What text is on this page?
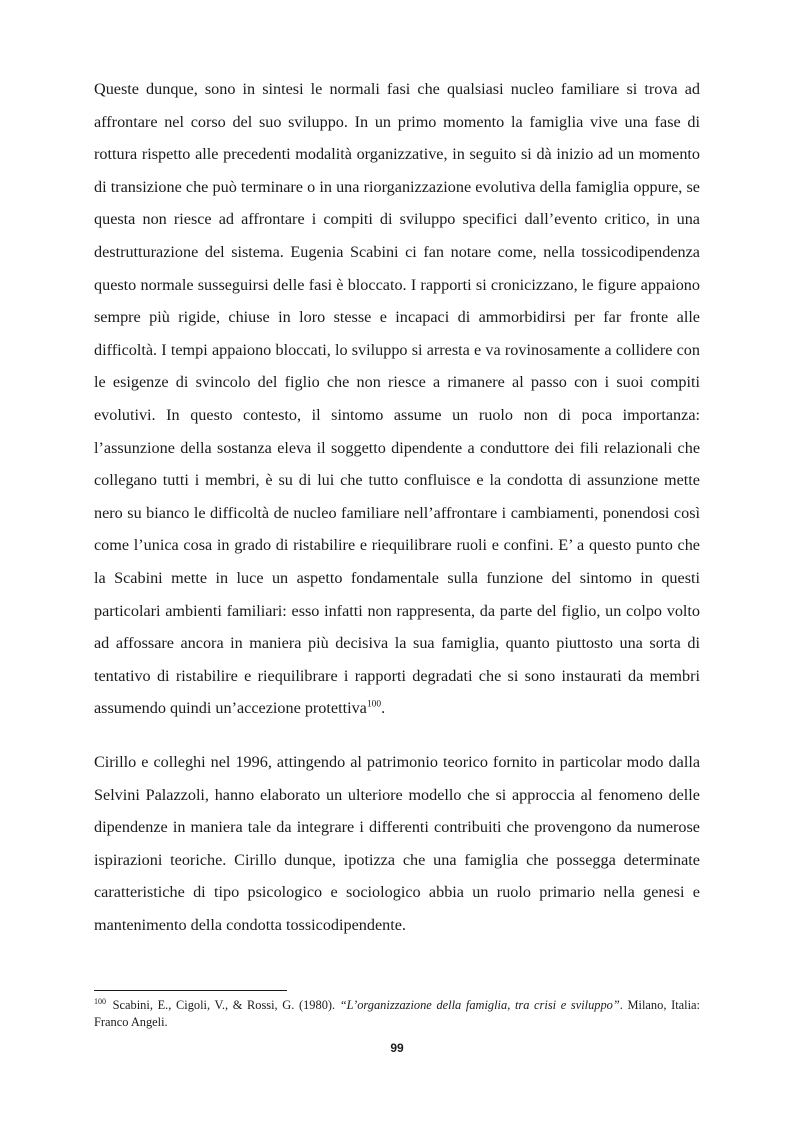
Queste dunque, sono in sintesi le normali fasi che qualsiasi nucleo familiare si trova ad affrontare nel corso del suo sviluppo. In un primo momento la famiglia vive una fase di rottura rispetto alle precedenti modalità organizzative, in seguito si dà inizio ad un momento di transizione che può terminare o in una riorganizzazione evolutiva della famiglia oppure, se questa non riesce ad affrontare i compiti di sviluppo specifici dall’evento critico, in una destrutturazione del sistema. Eugenia Scabini ci fan notare come, nella tossicodipendenza questo normale susseguirsi delle fasi è bloccato. I rapporti si cronicizzano, le figure appaiono sempre più rigide, chiuse in loro stesse e incapaci di ammorbidirsi per far fronte alle difficoltà. I tempi appaiono bloccati, lo sviluppo si arresta e va rovinosamente a collidere con le esigenze di svincolo del figlio che non riesce a rimanere al passo con i suoi compiti evolutivi. In questo contesto, il sintomo assume un ruolo non di poca importanza: l’assunzione della sostanza eleva il soggetto dipendente a conduttore dei fili relazionali che collegano tutti i membri, è su di lui che tutto confluisce e la condotta di assunzione mette nero su bianco le difficoltà de nucleo familiare nell’affrontare i cambiamenti, ponendosi così come l’unica cosa in grado di ristabilire e riequilibrare ruoli e confini. E’ a questo punto che la Scabini mette in luce un aspetto fondamentale sulla funzione del sintomo in questi particolari ambienti familiari: esso infatti non rappresenta, da parte del figlio, un colpo volto ad affossare ancora in maniera più decisiva la sua famiglia, quanto piuttosto una sorta di tentativo di ristabilire e riequilibrare i rapporti degradati che si sono instaurati da membri assumendo quindi un’accezione protettiva$^{100}$.

Cirillo e colleghi nel 1996, attingendo al patrimonio teorico fornito in particolar modo dalla Selvini Palazzoli, hanno elaborato un ulteriore modello che si approccia al fenomeno delle dipendenze in maniera tale da integrare i differenti contribuiti che provengono da numerose ispirazioni teoriche. Cirillo dunque, ipotizza che una famiglia che possegga determinate caratteristiche di tipo psicologico e sociologico abbia un ruolo primario nella genesi e mantenimento della condotta tossicodipendente.

$^{100}$ Scabini, E., Cigoli, V., & Rossi, G. (1980). “L’organizzazione della famiglia, tra crisi e sviluppo”. Milano, Italia: Franco Angeli.

99
